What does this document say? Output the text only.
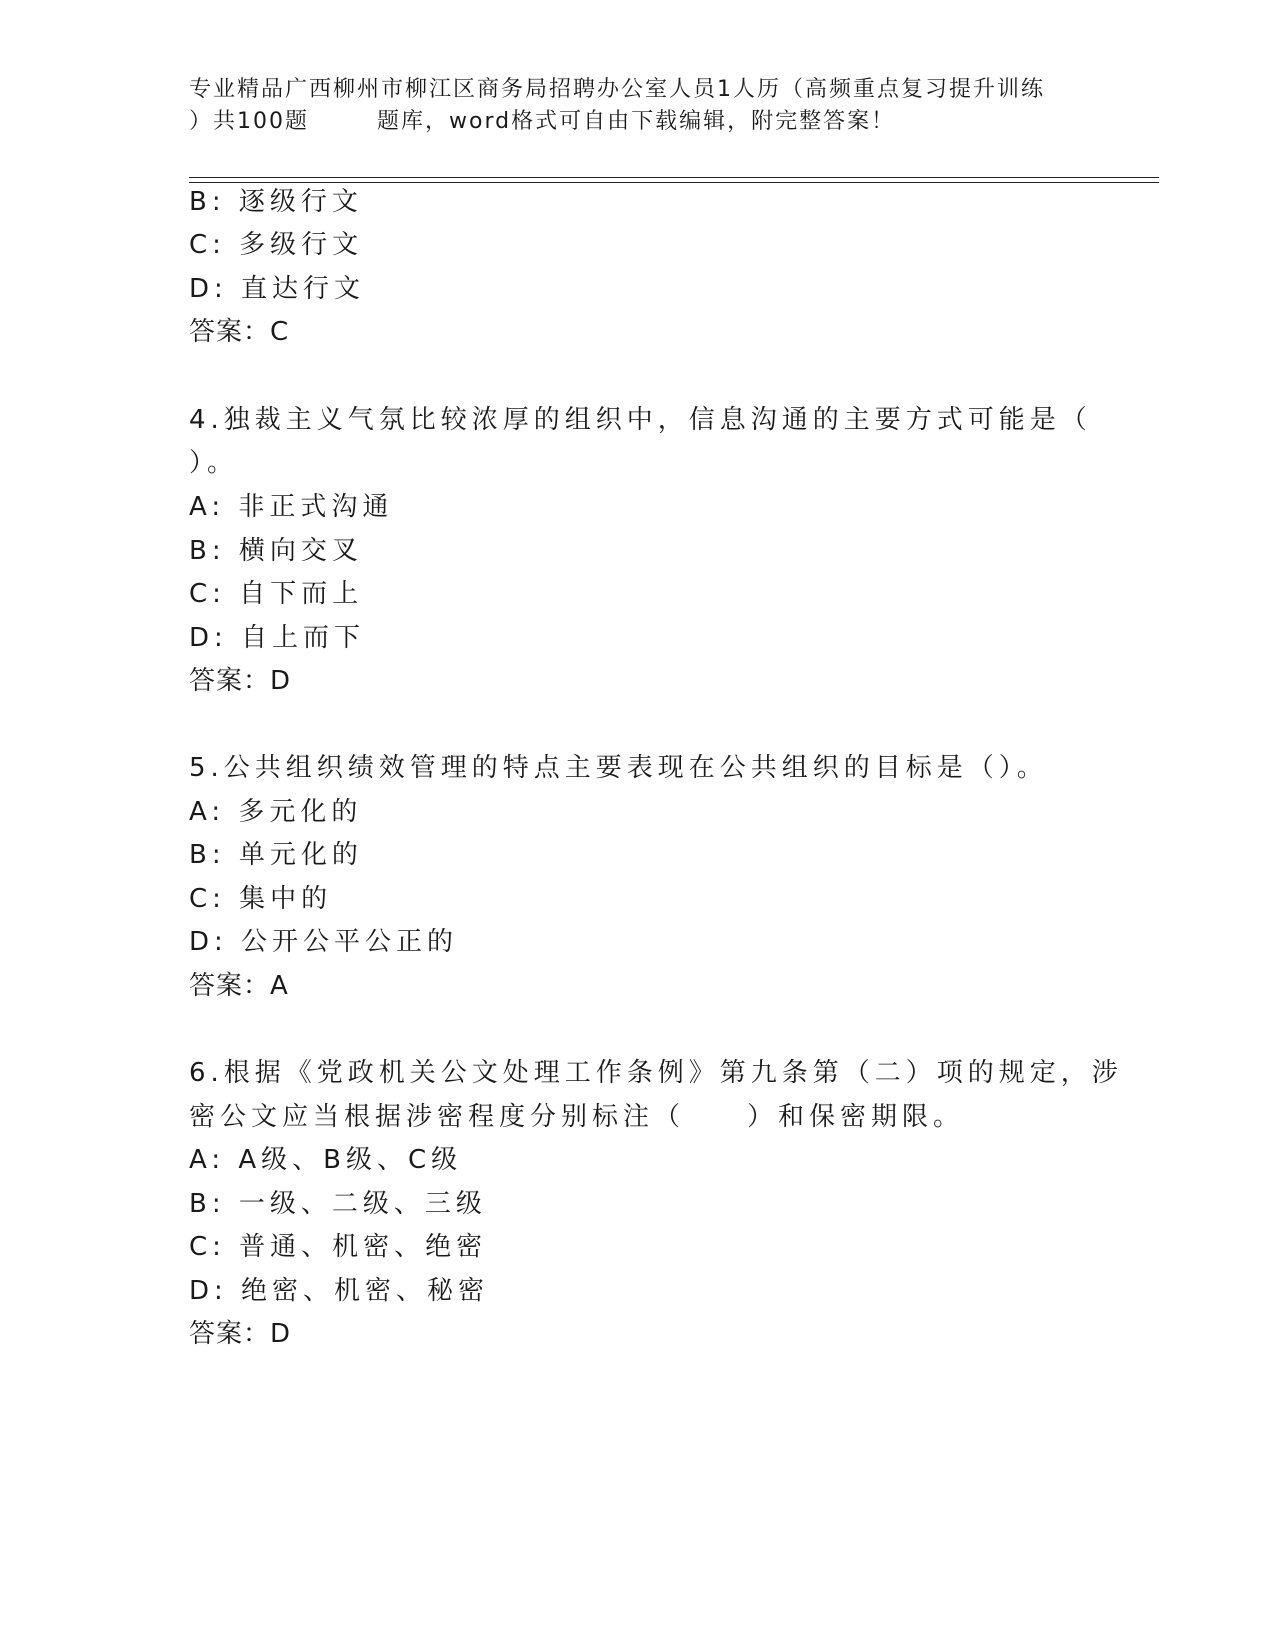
专业精品广西柳州市柳江区商务局招聘办公室人员1人历（高频重点复习提升训练
）共100题	题库，word格式可自由下载编辑，附完整答案！
B: 逐级行文
C: 多级行文
D: 直达行文
答案：C
4.独裁主义气氛比较浓厚的组织中，信息沟通的主要方式可能是（
）。
A: 非正式沟通
B: 横向交叉
C: 自下而上
D: 自上而下
答案：D
5.公共组织绩效管理的特点主要表现在公共组织的目标是（）。
A: 多元化的
B: 单元化的
C: 集中的
D: 公开公平公正的
答案：A
6.根据《党政机关公文处理工作条例》第九条第（二）项的规定，涉
密公文应当根据涉密程度分别标注（　　）和保密期限。
A: A级、B级、C级
B: 一级、二级、三级
C: 普通、机密、绝密
D: 绝密、机密、秘密
答案：D
